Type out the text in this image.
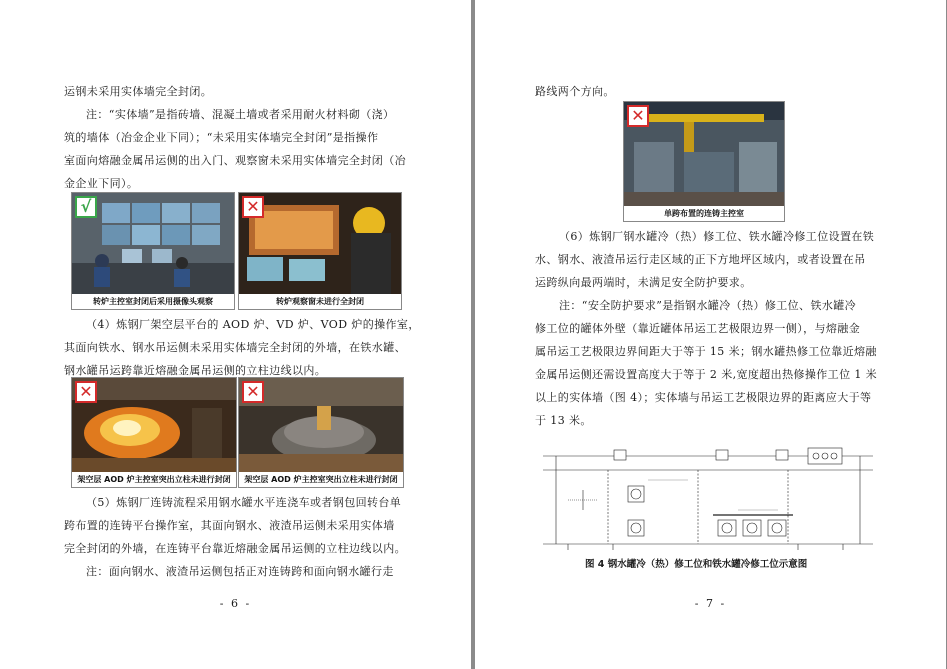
运钢未采用实体墙完全封闭。

注：“实体墙”是指砖墙、混凝土墙或者采用耐火材料砌（浇）

筑的墙体（冶金企业下同）；“未采用实体墙完全封闭”是指操作

室面向熔融金属吊运侧的出入门、观察窗未采用实体墙完全封闭（冶

金企业下同）。

√
转炉主控室封闭后采用摄像头观察
✕
转炉观察窗未进行全封闭

（4）炼钢厂架空层平台的 AOD 炉、VD 炉、VOD 炉的操作室，

其面向铁水、钢水吊运侧未采用实体墙完全封闭的外墙，在铁水罐、

钢水罐吊运跨靠近熔融金属吊运侧的立柱边线以内。

✕
架空层 AOD 炉主控室突出立柱未进行封闭
✕
架空层 AOD 炉主控室突出立柱未进行封闭

（5）炼钢厂连铸流程采用钢水罐水平连浇车或者钢包回转台单

跨布置的连铸平台操作室，其面向钢水、液渣吊运侧未采用实体墙

完全封闭的外墙，在连铸平台靠近熔融金属吊运侧的立柱边线以内。

注：面向钢水、液渣吊运侧包括正对连铸跨和面向钢水罐行走

- 6 -

路线两个方向。

✕
单跨布置的连铸主控室

（6）炼钢厂钢水罐冷（热）修工位、铁水罐冷修工位设置在铁

水、钢水、液渣吊运行走区域的正下方地坪区域内，或者设置在吊

运跨纵向最两端时，未满足安全防护要求。

注：“安全防护要求”是指钢水罐冷（热）修工位、铁水罐冷

修工位的罐体外壁（靠近罐体吊运工艺极限边界一侧），与熔融金

属吊运工艺极限边界间距大于等于 15 米；钢水罐热修工位靠近熔融

金属吊运侧还需设置高度大于等于 2 米,宽度超出热修操作工位 1 米

以上的实体墙（图 4）；实体墙与吊运工艺极限边界的距离应大于等

于 13 米。

图 4 钢水罐冷（热）修工位和铁水罐冷修工位示意图
- 7 -
